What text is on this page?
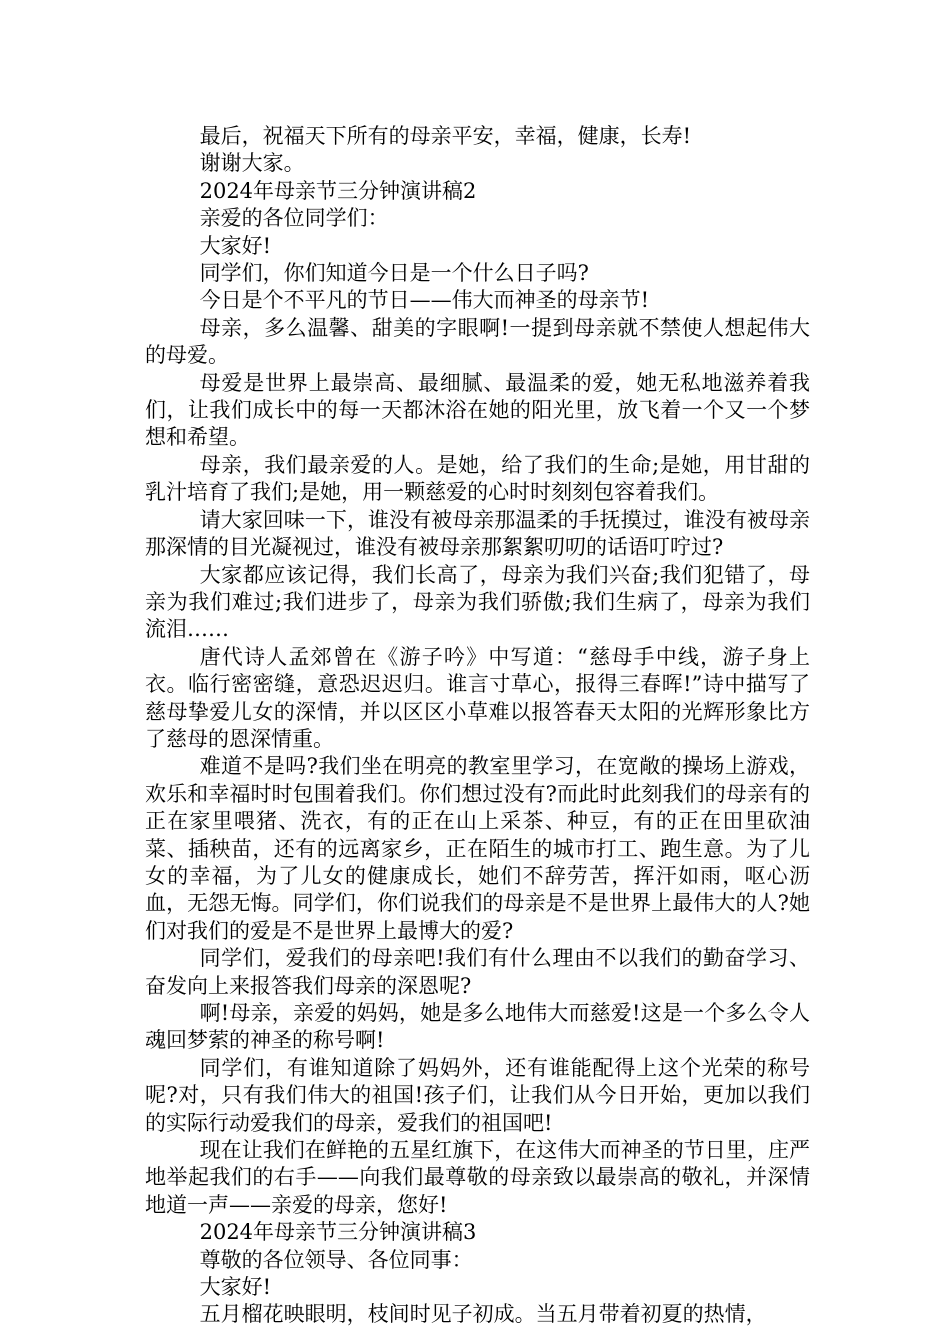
最后，祝福天下所有的母亲平安，幸福，健康，长寿!

谢谢大家。

2024年母亲节三分钟演讲稿2

亲爱的各位同学们：

大家好!

同学们，你们知道今日是一个什么日子吗?

今日是个不平凡的节日——伟大而神圣的母亲节!

母亲，多么温馨、甜美的字眼啊!一提到母亲就不禁使人想起伟大的母爱。

母爱是世界上最崇高、最细腻、最温柔的爱，她无私地滋养着我们，让我们成长中的每一天都沐浴在她的阳光里，放飞着一个又一个梦想和希望。

母亲，我们最亲爱的人。是她，给了我们的生命;是她，用甘甜的乳汁培育了我们;是她，用一颗慈爱的心时时刻刻包容着我们。

请大家回味一下，谁没有被母亲那温柔的手抚摸过，谁没有被母亲那深情的目光凝视过，谁没有被母亲那絮絮叨叨的话语叮咛过?

大家都应该记得，我们长高了，母亲为我们兴奋;我们犯错了，母亲为我们难过;我们进步了，母亲为我们骄傲;我们生病了，母亲为我们流泪……

唐代诗人孟郊曾在《游子吟》中写道：“慈母手中线，游子身上衣。临行密密缝，意恐迟迟归。谁言寸草心，报得三春晖!”诗中描写了慈母挚爱儿女的深情，并以区区小草难以报答春天太阳的光辉形象比方了慈母的恩深情重。

难道不是吗?我们坐在明亮的教室里学习，在宽敞的操场上游戏，欢乐和幸福时时包围着我们。你们想过没有?而此时此刻我们的母亲有的正在家里喂猪、洗衣，有的正在山上采茶、种豆，有的正在田里砍油菜、插秧苗，还有的远离家乡，正在陌生的城市打工、跑生意。为了儿女的幸福，为了儿女的健康成长，她们不辞劳苦，挥汗如雨，呕心沥血，无怨无悔。同学们，你们说我们的母亲是不是世界上最伟大的人?她们对我们的爱是不是世界上最博大的爱?

同学们，爱我们的母亲吧!我们有什么理由不以我们的勤奋学习、奋发向上来报答我们母亲的深恩呢?

啊!母亲，亲爱的妈妈，她是多么地伟大而慈爱!这是一个多么令人魂回梦萦的神圣的称号啊!

同学们，有谁知道除了妈妈外，还有谁能配得上这个光荣的称号呢?对，只有我们伟大的祖国!孩子们，让我们从今日开始，更加以我们的实际行动爱我们的母亲，爱我们的祖国吧!

现在让我们在鲜艳的五星红旗下，在这伟大而神圣的节日里，庄严地举起我们的右手——向我们最尊敬的母亲致以最崇高的敬礼，并深情地道一声——亲爱的母亲，您好!

2024年母亲节三分钟演讲稿3

尊敬的各位领导、各位同事：

大家好!

五月榴花映眼明，枝间时见子初成。当五月带着初夏的热情，
